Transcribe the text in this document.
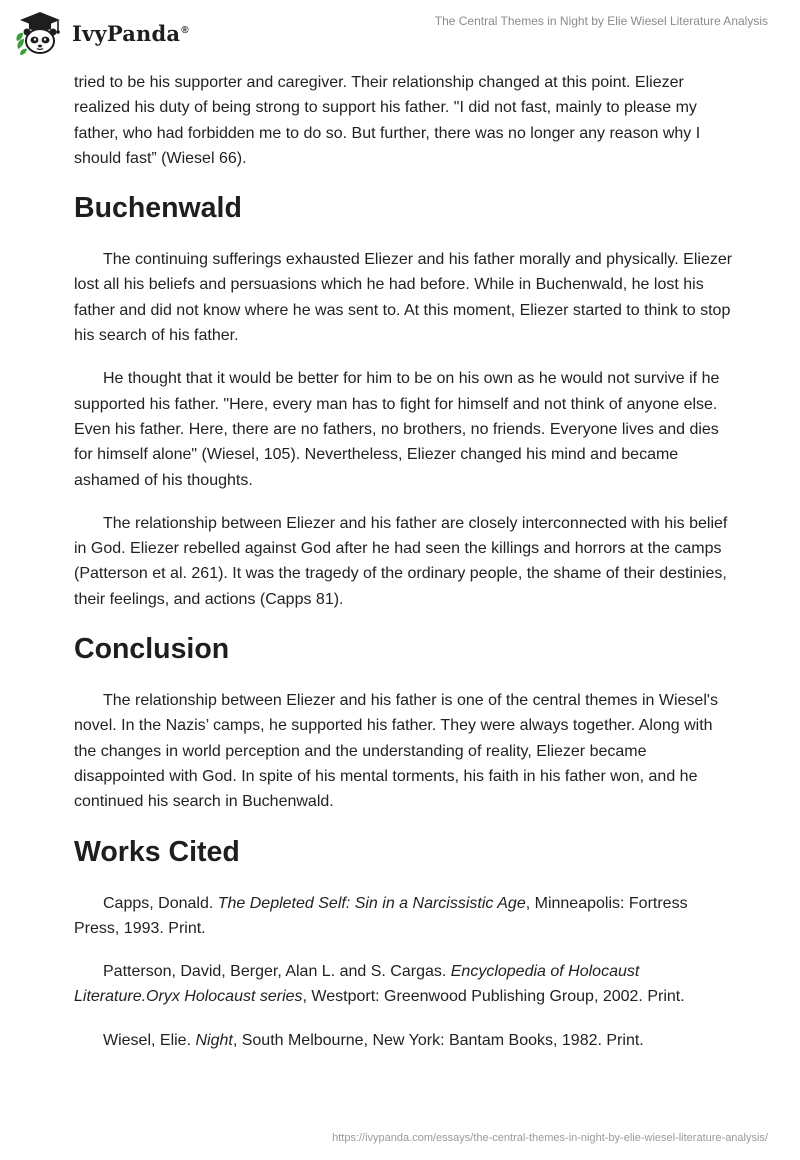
IvyPanda®
The Central Themes in Night by Elie Wiesel Literature Analysis

tried to be his supporter and caregiver. Their relationship changed at this point. Eliezer realized his duty of being strong to support his father. "I did not fast, mainly to please my father, who had forbidden me to do so. But further, there was no longer any reason why I should fast” (Wiesel 66).

Buchenwald

The continuing sufferings exhausted Eliezer and his father morally and physically. Eliezer lost all his beliefs and persuasions which he had before. While in Buchenwald, he lost his father and did not know where he was sent to. At this moment, Eliezer started to think to stop his search of his father.

He thought that it would be better for him to be on his own as he would not survive if he supported his father. "Here, every man has to fight for himself and not think of anyone else. Even his father. Here, there are no fathers, no brothers, no friends. Everyone lives and dies for himself alone" (Wiesel, 105). Nevertheless, Eliezer changed his mind and became ashamed of his thoughts.

The relationship between Eliezer and his father are closely interconnected with his belief in God. Eliezer rebelled against God after he had seen the killings and horrors at the camps (Patterson et al. 261). It was the tragedy of the ordinary people, the shame of their destinies, their feelings, and actions (Capps 81).

Conclusion

The relationship between Eliezer and his father is one of the central themes in Wiesel's novel. In the Nazis’ camps, he supported his father. They were always together. Along with the changes in world perception and the understanding of reality, Eliezer became disappointed with God. In spite of his mental torments, his faith in his father won, and he continued his search in Buchenwald.

Works Cited

Capps, Donald. The Depleted Self: Sin in a Narcissistic Age, Minneapolis: Fortress Press, 1993. Print.

Patterson, David, Berger, Alan L. and S. Cargas. Encyclopedia of Holocaust Literature.Oryx Holocaust series, Westport: Greenwood Publishing Group, 2002. Print.

Wiesel, Elie. Night, South Melbourne, New York: Bantam Books, 1982. Print.

https://ivypanda.com/essays/the-central-themes-in-night-by-elie-wiesel-literature-analysis/
